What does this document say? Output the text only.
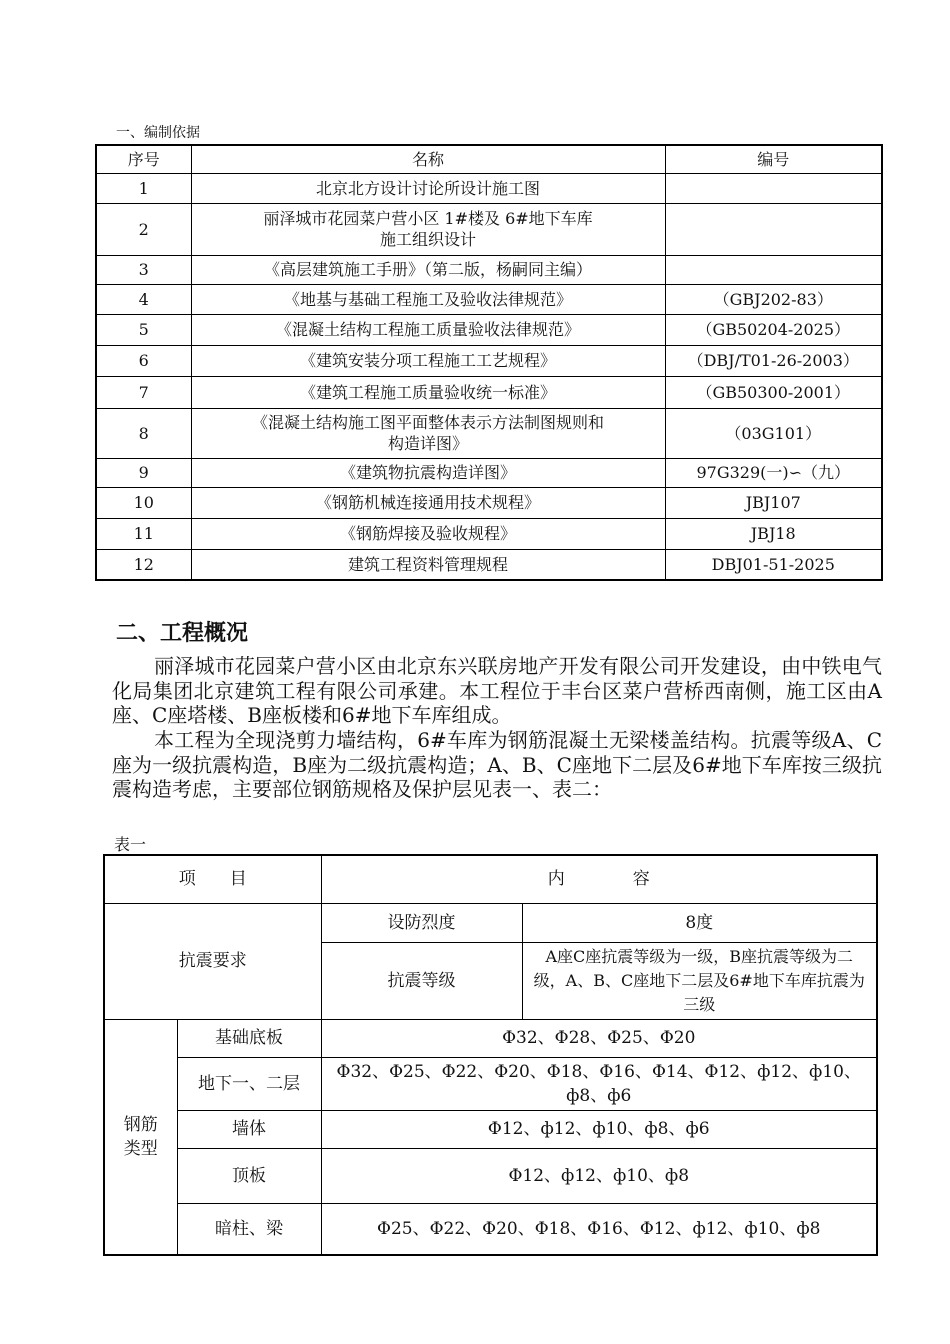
一、编制依据
序号	名称	编号
1	北京北方设计讨论所设计施工图	
2	丽泽城市花园菜户营小区 1#楼及 6#地下车库
施工组织设计	
3	《高层建筑施工手册》（第二版，杨嗣同主编）	
4	《地基与基础工程施工及验收法律规范》	（GBJ202-83）
5	《混凝土结构工程施工质量验收法律规范》	（GB50204-2025）
6	《建筑安装分项工程施工工艺规程》	（DBJ/T01-26-2003）
7	《建筑工程施工质量验收统一标准》	（GB50300-2001）
8	《混凝土结构施工图平面整体表示方法制图规则和
构造详图》	（03G101）
9	《建筑物抗震构造详图》	97G329(一)∽（九）
10	《钢筋机械连接通用技术规程》	JBJ107
11	《钢筋焊接及验收规程》	JBJ18
12	建筑工程资料管理规程	DBJ01-51-2025
二、工程概况
丽泽城市花园菜户营小区由北京东兴联房地产开发有限公司开发建设，由中铁电气化局集团北京建筑工程有限公司承建。本工程位于丰台区菜户营桥西南侧，施工区由A座、C座塔楼、B座板楼和6#地下车库组成。
本工程为全现浇剪力墙结构，6#车库为钢筋混凝土无梁楼盖结构。抗震等级A、C座为一级抗震构造，B座为二级抗震构造；A、B、C座地下二层及6#地下车库按三级抗震构造考虑，主要部位钢筋规格及保护层见表一、表二：
表一
项　　目		内　　　　容	
抗震要求		设防烈度	8度
		抗震等级	A座C座抗震等级为一级，B座抗震等级为二级，A、B、C座地下二层及6#地下车库抗震为三级
钢筋
类型	基础底板	Φ32、Φ28、Φ25、Φ20	
	地下一、二层	Φ32、Φ25、Φ22、Φ20、Φ18、Φ16、Φ14、Φ12、ф12、ф10、ф8、ф6	
	墙体	Φ12、ф12、ф10、ф8、ф6	
	顶板	Φ12、ф12、ф10、ф8	
	暗柱、梁	Φ25、Φ22、Φ20、Φ18、Φ16、Φ12、ф12、ф10、ф8	
